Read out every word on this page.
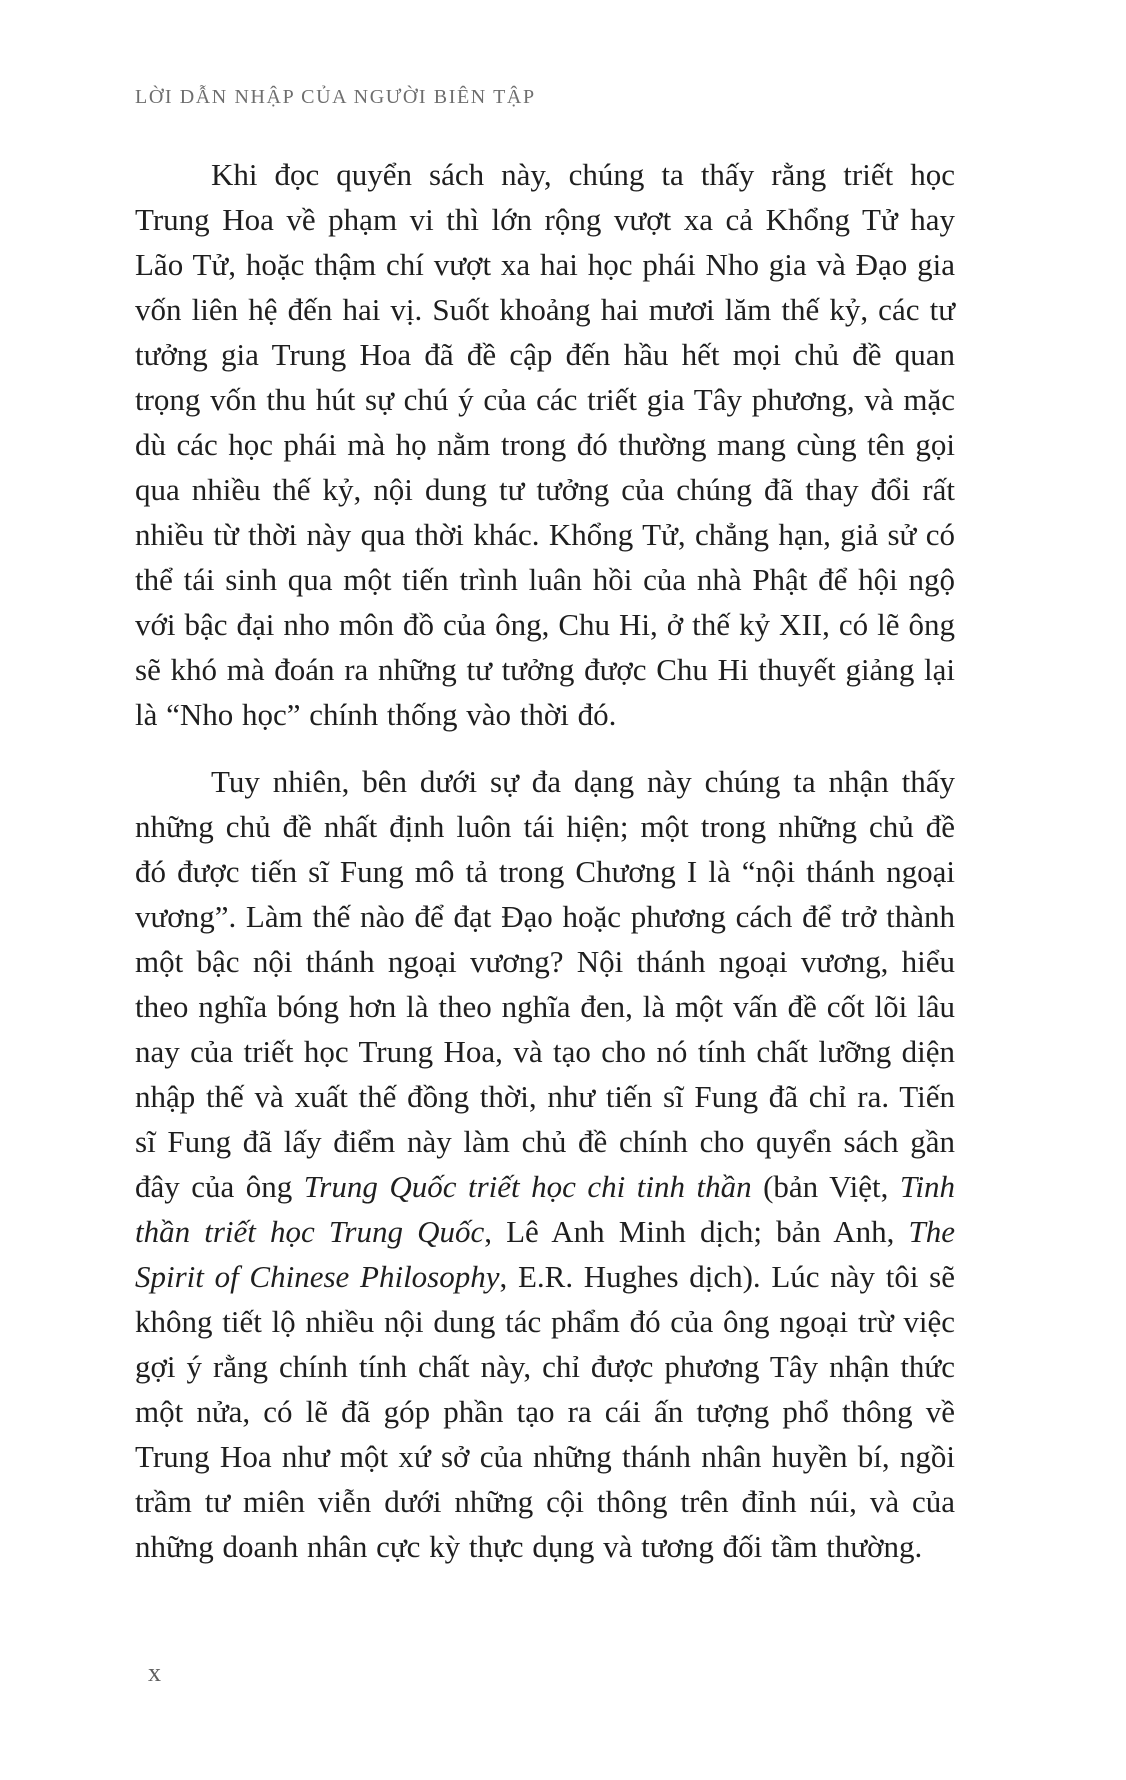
LỜI DẪN NHẬP CỦA NGƯỜI BIÊN TẬP

Khi đọc quyển sách này, chúng ta thấy rằng triết học Trung Hoa về phạm vi thì lớn rộng vượt xa cả Khổng Tử hay Lão Tử, hoặc thậm chí vượt xa hai học phái Nho gia và Đạo gia vốn liên hệ đến hai vị. Suốt khoảng hai mươi lăm thế kỷ, các tư tưởng gia Trung Hoa đã đề cập đến hầu hết mọi chủ đề quan trọng vốn thu hút sự chú ý của các triết gia Tây phương, và mặc dù các học phái mà họ nằm trong đó thường mang cùng tên gọi qua nhiều thế kỷ, nội dung tư tưởng của chúng đã thay đổi rất nhiều từ thời này qua thời khác. Khổng Tử, chẳng hạn, giả sử có thể tái sinh qua một tiến trình luân hồi của nhà Phật để hội ngộ với bậc đại nho môn đồ của ông, Chu Hi, ở thế kỷ XII, có lẽ ông sẽ khó mà đoán ra những tư tưởng được Chu Hi thuyết giảng lại là “Nho học” chính thống vào thời đó.

Tuy nhiên, bên dưới sự đa dạng này chúng ta nhận thấy những chủ đề nhất định luôn tái hiện; một trong những chủ đề đó được tiến sĩ Fung mô tả trong Chương I là “nội thánh ngoại vương”. Làm thế nào để đạt Đạo hoặc phương cách để trở thành một bậc nội thánh ngoại vương? Nội thánh ngoại vương, hiểu theo nghĩa bóng hơn là theo nghĩa đen, là một vấn đề cốt lõi lâu nay của triết học Trung Hoa, và tạo cho nó tính chất lưỡng diện nhập thế và xuất thế đồng thời, như tiến sĩ Fung đã chỉ ra. Tiến sĩ Fung đã lấy điểm này làm chủ đề chính cho quyển sách gần đây của ông Trung Quốc triết học chi tinh thần (bản Việt, Tinh thần triết học Trung Quốc, Lê Anh Minh dịch; bản Anh, The Spirit of Chinese Philosophy, E.R. Hughes dịch). Lúc này tôi sẽ không tiết lộ nhiều nội dung tác phẩm đó của ông ngoại trừ việc gợi ý rằng chính tính chất này, chỉ được phương Tây nhận thức một nửa, có lẽ đã góp phần tạo ra cái ấn tượng phổ thông về Trung Hoa như một xứ sở của những thánh nhân huyền bí, ngồi trầm tư miên viễn dưới những cội thông trên đỉnh núi, và của những doanh nhân cực kỳ thực dụng và tương đối tầm thường.

x
